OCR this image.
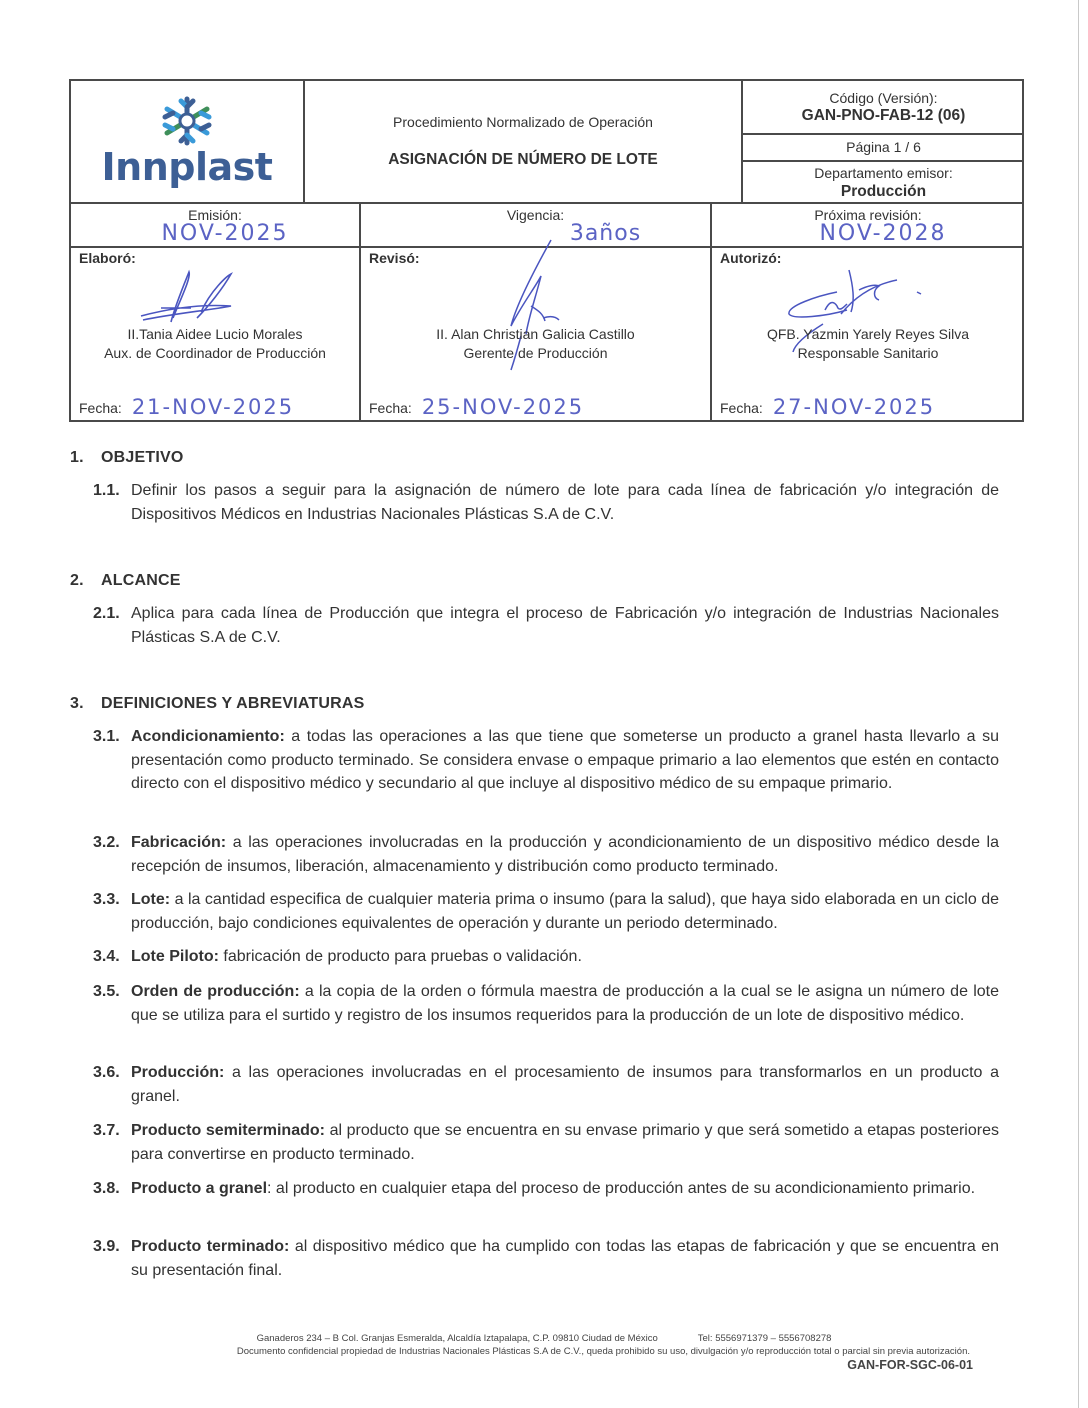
Innplast
Procedimiento Normalizado de Operación
ASIGNACIÓN DE NÚMERO DE LOTE
Código (Versión):
GAN-PNO-FAB-12 (06)
Página 1 / 6
Departamento emisor:
Producción
Emisión:
NOV-2025
Vigencia:
3años
Próxima revisión:
NOV-2028
Elaboró:
II.Tania Aidee Lucio Morales
Aux. de Coordinador de Producción
Fecha: 21-NOV-2025
Revisó:
II. Alan Christian Galicia Castillo
Gerente de Producción
Fecha: 25-NOV-2025
Autorizó:
QFB. Yazmin Yarely Reyes Silva
Responsable Sanitario
Fecha: 27-NOV-2025
1. OBJETIVO
1.1. Definir los pasos a seguir para la asignación de número de lote para cada línea de fabricación y/o integración de Dispositivos Médicos en Industrias Nacionales Plásticas S.A de C.V.
2. ALCANCE
2.1. Aplica para cada línea de Producción que integra el proceso de Fabricación y/o integración de Industrias Nacionales Plásticas S.A de C.V.
3. DEFINICIONES Y ABREVIATURAS
3.1. Acondicionamiento: a todas las operaciones a las que tiene que someterse un producto a granel hasta llevarlo a su presentación como producto terminado. Se considera envase o empaque primario a lao elementos que estén en contacto directo con el dispositivo médico y secundario al que incluye al dispositivo médico de su empaque primario.
3.2. Fabricación: a las operaciones involucradas en la producción y acondicionamiento de un dispositivo médico desde la recepción de insumos, liberación, almacenamiento y distribución como producto terminado.
3.3. Lote: a la cantidad especifica de cualquier materia prima o insumo (para la salud), que haya sido elaborada en un ciclo de producción, bajo condiciones equivalentes de operación y durante un periodo determinado.
3.4. Lote Piloto: fabricación de producto para pruebas o validación.
3.5. Orden de producción: a la copia de la orden o fórmula maestra de producción a la cual se le asigna un número de lote que se utiliza para el surtido y registro de los insumos requeridos para la producción de un lote de dispositivo médico.
3.6. Producción: a las operaciones involucradas en el procesamiento de insumos para transformarlos en un producto a granel.
3.7. Producto semiterminado: al producto que se encuentra en su envase primario y que será sometido a etapas posteriores para convertirse en producto terminado.
3.8. Producto a granel: al producto en cualquier etapa del proceso de producción antes de su acondicionamiento primario.
3.9. Producto terminado: al dispositivo médico que ha cumplido con todas las etapas de fabricación y que se encuentra en su presentación final.
Ganaderos 234 – B Col. Granjas Esmeralda, Alcaldía Iztapalapa, C.P. 09810 Ciudad de México	Tel: 5556971379 – 5556708278
Documento confidencial propiedad de Industrias Nacionales Plásticas S.A de C.V., queda prohibido su uso, divulgación y/o reproducción total o parcial sin previa autorización.
GAN-FOR-SGC-06-01
